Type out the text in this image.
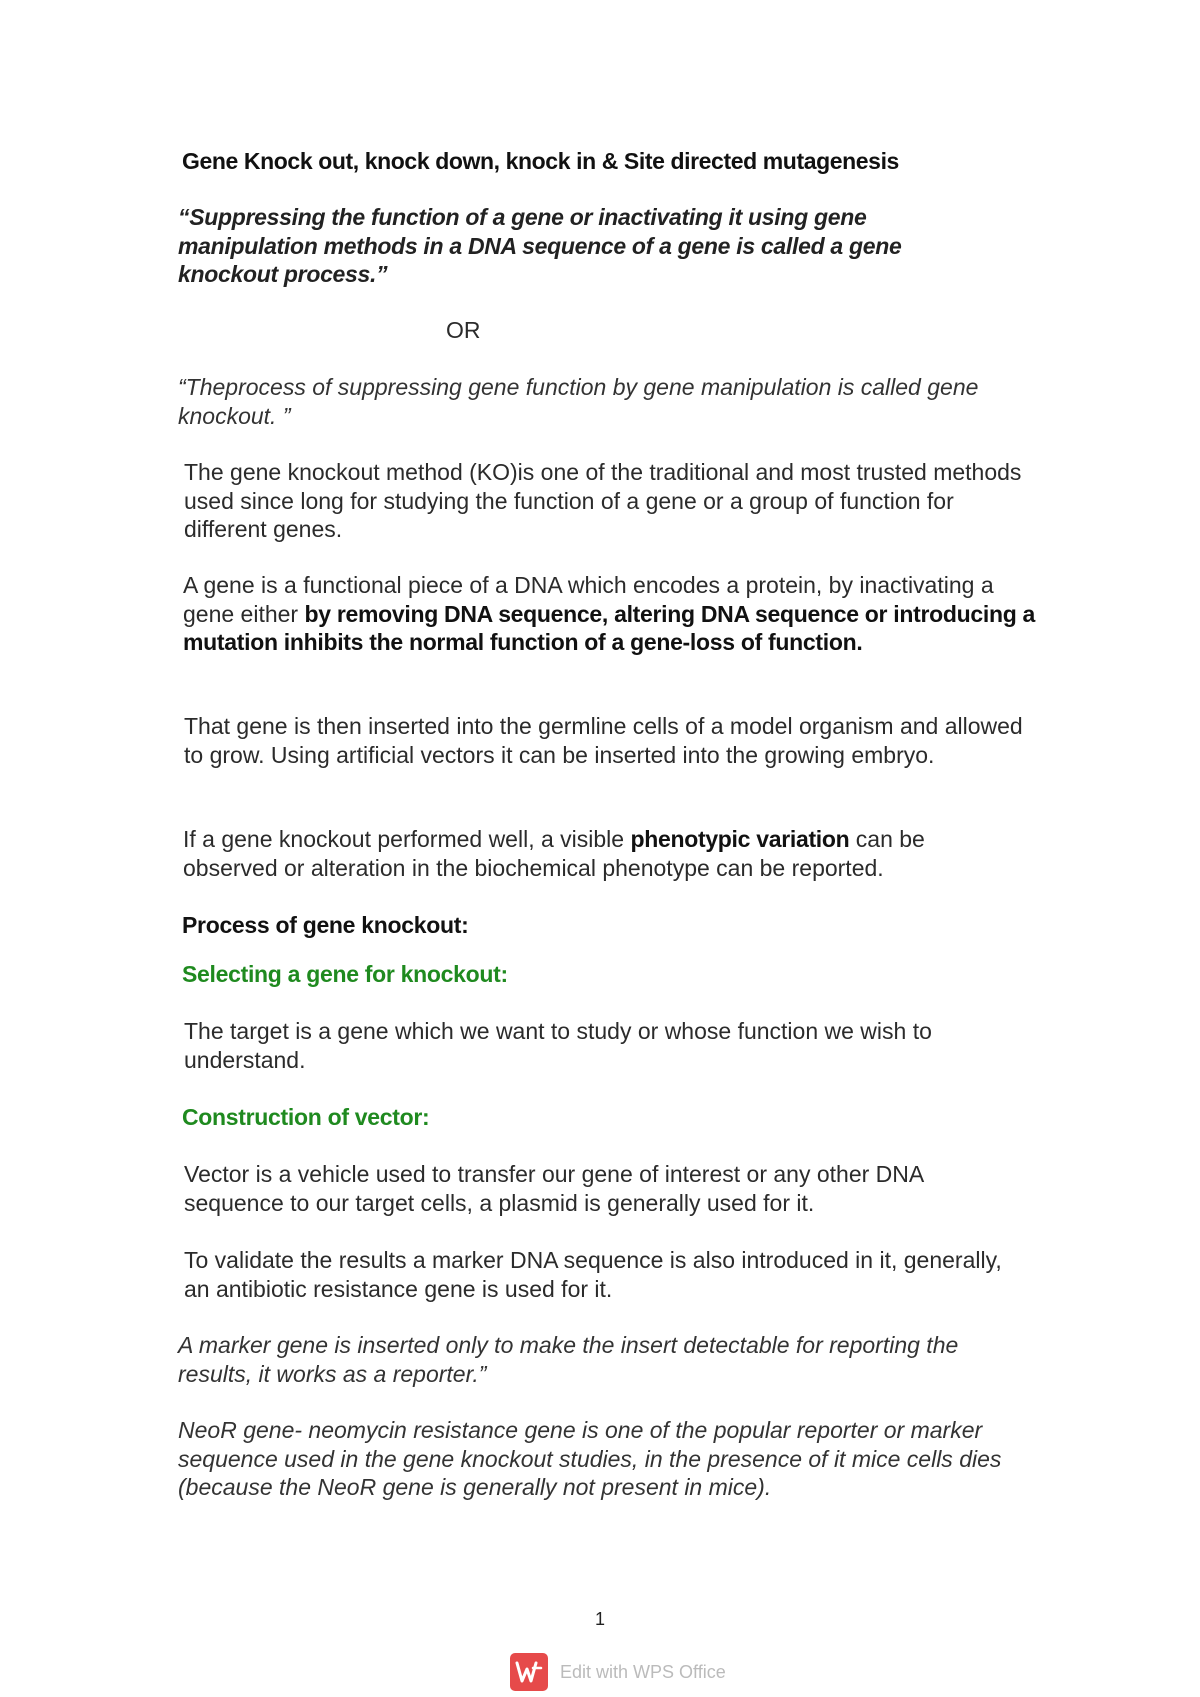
Gene Knock out, knock down, knock in & Site directed mutagenesis

“Suppressing the function of a gene or inactivating it using gene manipulation methods in a DNA sequence of a gene is called a gene knockout process.”

OR

“Theprocess of suppressing gene function by gene manipulation is called gene knockout. ”

The gene knockout method (KO)is one of the traditional and most trusted methods used since long for studying the function of a gene or a group of function for different genes.

A gene is a functional piece of a DNA which encodes a protein, by inactivating a gene either by removing DNA sequence, altering DNA sequence or introducing a mutation inhibits the normal function of a gene-loss of function.

That gene is then inserted into the germline cells of a model organism and allowed to grow. Using artificial vectors it can be inserted into the growing embryo.

If a gene knockout performed well, a visible phenotypic variation can be observed or alteration in the biochemical phenotype can be reported.

Process of gene knockout:

Selecting a gene for knockout:

The target is a gene which we want to study or whose function we wish to understand.

Construction of vector:

Vector is a vehicle used to transfer our gene of interest or any other DNA sequence to our target cells, a plasmid is generally used for it.

To validate the results a marker DNA sequence is also introduced in it, generally, an antibiotic resistance gene is used for it.

A marker gene is inserted only to make the insert detectable for reporting the results, it works as a reporter.”

NeoR gene- neomycin resistance gene is one of the popular reporter or marker sequence used in the gene knockout studies, in the presence of it mice cells dies (because the NeoR gene is generally not present in mice).

1
Edit with WPS Office
